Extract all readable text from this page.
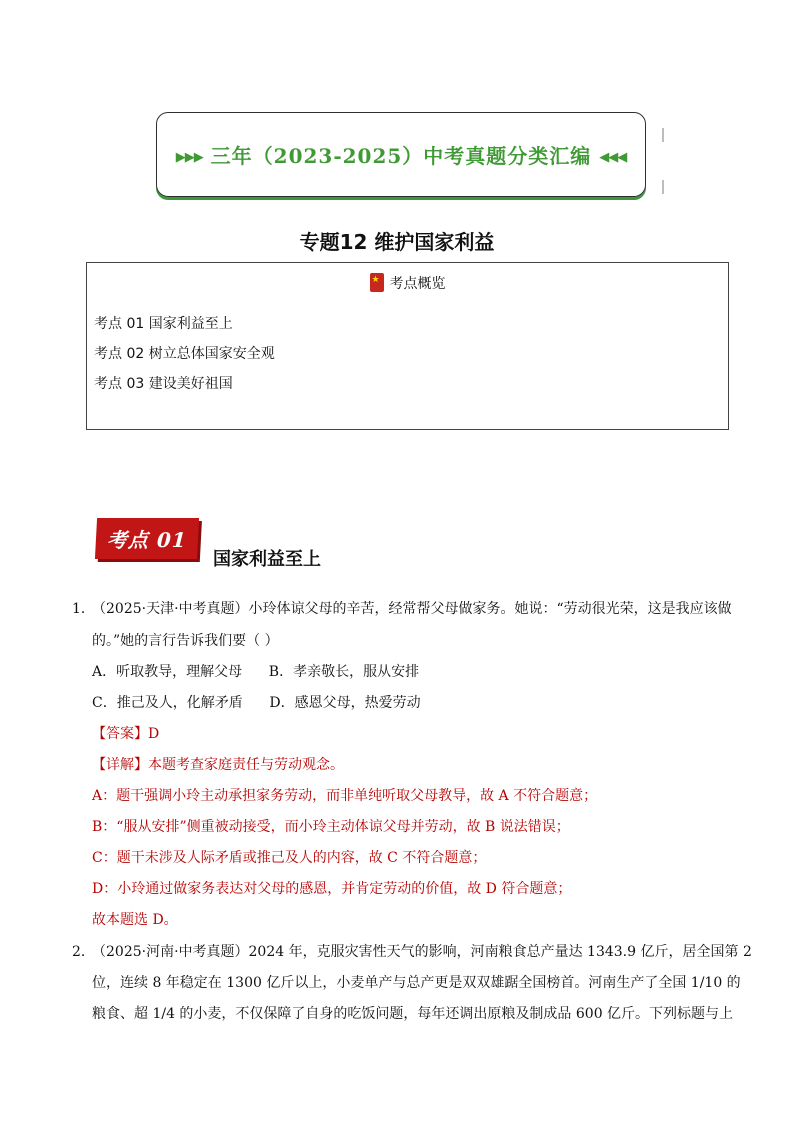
▶▶▶ 三年（2023-2025）中考真题分类汇编 ◀◀◀
专题12 维护国家利益
★考点概览
考点 01 国家利益至上
考点 02 树立总体国家安全观
考点 03 建设美好祖国
考点 01
国家利益至上
1．
（2025·天津·中考真题）小玲体谅父母的辛苦，经常帮父母做家务。她说：“劳动很光荣，这是我应该做
的。”她的言行告诉我们要（ ）
A．听取教导，理解父母      B．孝亲敬长，服从安排
C．推己及人，化解矛盾      D．感恩父母，热爱劳动
【答案】D
【详解】本题考查家庭责任与劳动观念。
A：题干强调小玲主动承担家务劳动，而非单纯听取父母教导，故 A 不符合题意；
B：“服从安排”侧重被动接受，而小玲主动体谅父母并劳动，故 B 说法错误；
C：题干未涉及人际矛盾或推己及人的内容，故 C 不符合题意；
D：小玲通过做家务表达对父母的感恩，并肯定劳动的价值，故 D 符合题意；
故本题选 D。
2．
（2025·河南·中考真题）2024 年，克服灾害性天气的影响，河南粮食总产量达 1343.9 亿斤，居全国第 2
位，连续 8 年稳定在 1300 亿斤以上，小麦单产与总产更是双双雄踞全国榜首。河南生产了全国 1/10 的
粮食、超 1/4 的小麦，不仅保障了自身的吃饭问题，每年还调出原粮及制成品 600 亿斤。下列标题与上
